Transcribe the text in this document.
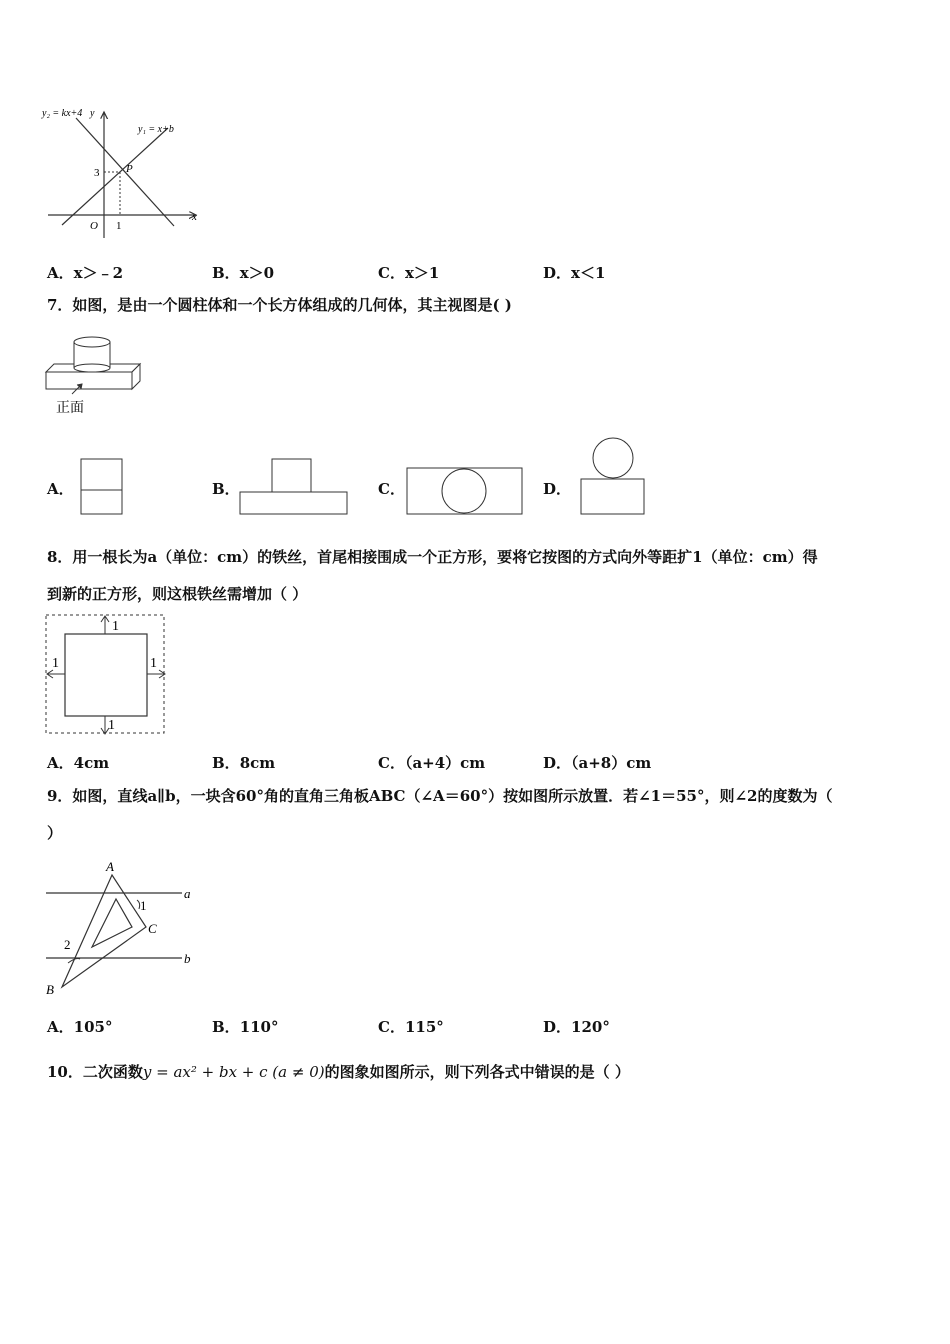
y₂ = kx+4 y
y₁ = x+b
P
3
x
O 1
A．x＞﹣2	B．x＞0	C．x＞1	D．x＜1
7．如图，是由一个圆柱体和一个长方体组成的几何体，其主视图是( )
正面
A．	B．	C．	D．
8．用一根长为a（单位：cm）的铁丝，首尾相接围成一个正方形，要将它按图的方式向外等距扩1（单位：cm）得
到新的正方形，则这根铁丝需增加（ ）
1
1	1
1
A．4cm	B．8cm	C．（a+4）cm	D．（a+8）cm
9．如图，直线a∥b，一块含60°角的直角三角板ABC（∠A＝60°）按如图所示放置．若∠1＝55°，则∠2的度数为（
）
A
a
1
C
2
b
B
A．105°	B．110°	C．115°	D．120°
10．二次函数y = ax² + bx + c (a ≠ 0)的图象如图所示，则下列各式中错误的是（ ）
